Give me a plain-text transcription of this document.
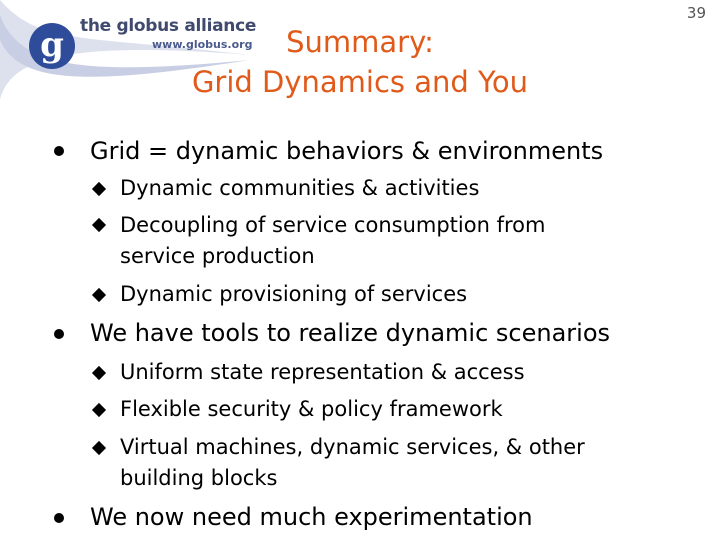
g the globus alliance
www.globus.org
39
Summary:
Grid Dynamics and You
Grid = dynamic behaviors & environments
Dynamic communities & activities
Decoupling of service consumption from service production
Dynamic provisioning of services
We have tools to realize dynamic scenarios
Uniform state representation & access
Flexible security & policy framework
Virtual machines, dynamic services, & other building blocks
We now need much experimentation
